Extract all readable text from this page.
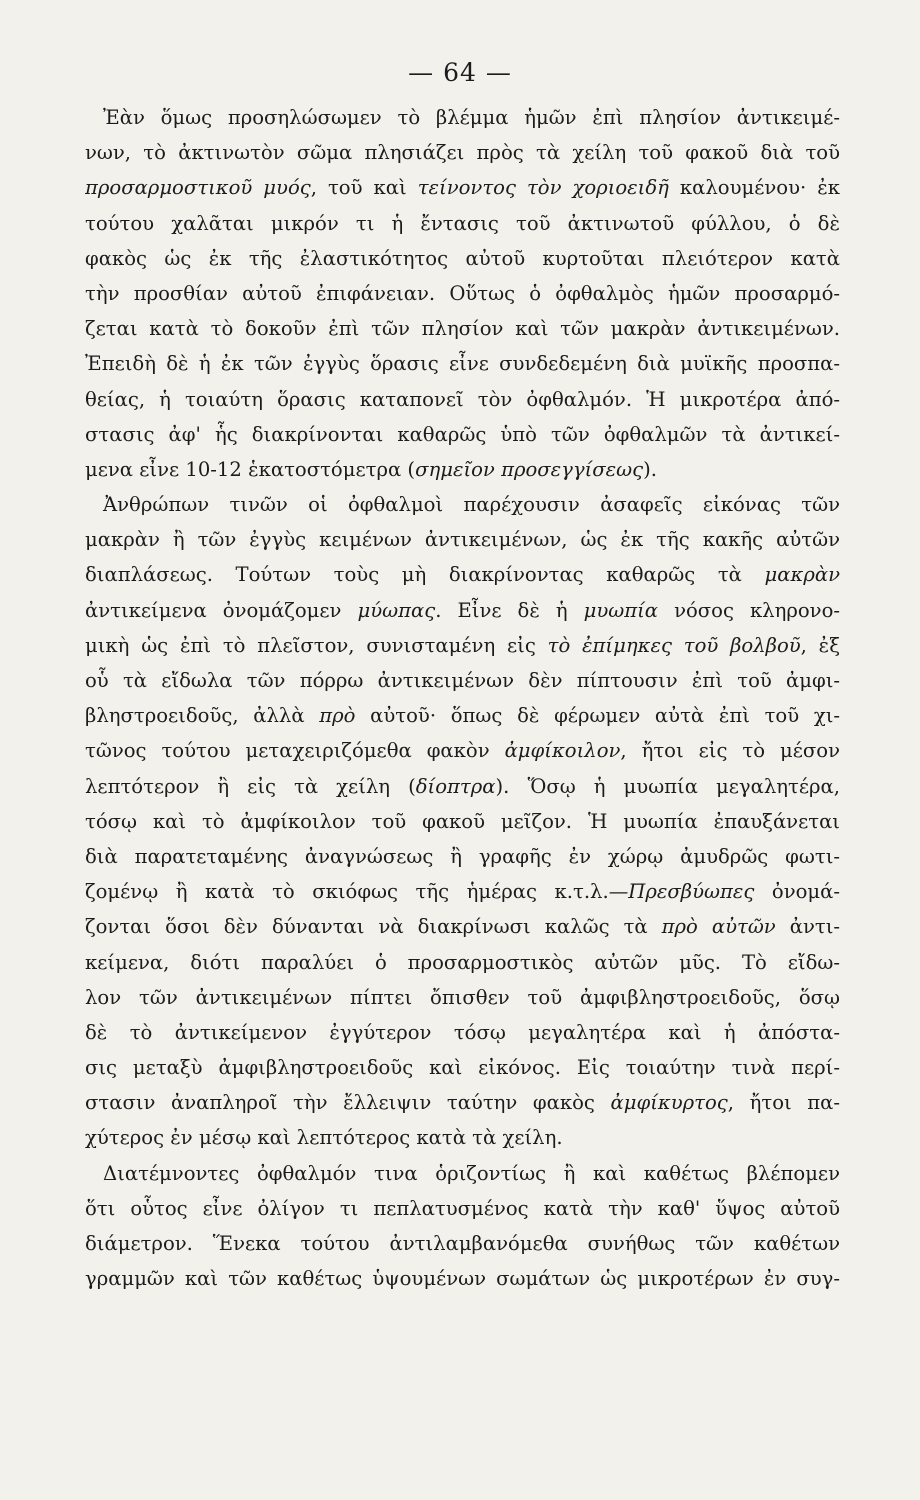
— 64 —
Ἐὰν ὅμως προσηλώσωμεν τὸ βλέμμα ἡμῶν ἐπὶ πλησίον ἀντικειμέ-
νων, τὸ ἀκτινωτὸν σῶμα πλησιάζει πρὸς τὰ χείλη τοῦ φακοῦ διὰ τοῦ
προσαρμοστικοῦ μυός, τοῦ καὶ τείνοντος τὸν χοριοειδῆ καλουμένου· ἐκ
τούτου χαλᾶται μικρόν τι ἡ ἔντασις τοῦ ἀκτινωτοῦ φύλλου, ὁ δὲ
φακὸς ὡς ἐκ τῆς ἐλαστικότητος αὐτοῦ κυρτοῦται πλειότερον κατὰ
τὴν προσθίαν αὐτοῦ ἐπιφάνειαν. Οὕτως ὁ ὀφθαλμὸς ἡμῶν προσαρμό-
ζεται κατὰ τὸ δοκοῦν ἐπὶ τῶν πλησίον καὶ τῶν μακρὰν ἀντικειμένων.
Ἐπειδὴ δὲ ἡ ἐκ τῶν ἐγγὺς ὅρασις εἶνε συνδεδεμένη διὰ μυϊκῆς προσπα-
θείας, ἡ τοιαύτη ὅρασις καταπονεῖ τὸν ὀφθαλμόν. Ἡ μικροτέρα ἀπό-
στασις ἀφ' ἧς διακρίνονται καθαρῶς ὑπὸ τῶν ὀφθαλμῶν τὰ ἀντικεί-
μενα εἶνε 10-12 ἑκατοστόμετρα (σημεῖον προσεγγίσεως).
Ἀνθρώπων τινῶν οἱ ὀφθαλμοὶ παρέχουσιν ἀσαφεῖς εἰκόνας τῶν
μακρὰν ἢ τῶν ἐγγὺς κειμένων ἀντικειμένων, ὡς ἐκ τῆς κακῆς αὐτῶν
διαπλάσεως. Τούτων τοὺς μὴ διακρίνοντας καθαρῶς τὰ μακρὰν
ἀντικείμενα ὀνομάζομεν μύωπας. Εἶνε δὲ ἡ μυωπία νόσος κληρονο-
μικὴ ὡς ἐπὶ τὸ πλεῖστον, συνισταμένη εἰς τὸ ἐπίμηκες τοῦ βολβοῦ, ἐξ
οὗ τὰ εἴδωλα τῶν πόρρω ἀντικειμένων δὲν πίπτουσιν ἐπὶ τοῦ ἀμφι-
βληστροειδοῦς, ἀλλὰ πρὸ αὐτοῦ· ὅπως δὲ φέρωμεν αὐτὰ ἐπὶ τοῦ χι-
τῶνος τούτου μεταχειριζόμεθα φακὸν ἀμφίκοιλον, ἤτοι εἰς τὸ μέσον
λεπτότερον ἢ εἰς τὰ χείλη (δίοπτρα). Ὅσῳ ἡ μυωπία μεγαλητέρα,
τόσῳ καὶ τὸ ἀμφίκοιλον τοῦ φακοῦ μεῖζον. Ἡ μυωπία ἐπαυξάνεται
διὰ παρατεταμένης ἀναγνώσεως ἢ γραφῆς ἐν χώρῳ ἀμυδρῶς φωτι-
ζομένῳ ἢ κατὰ τὸ σκιόφως τῆς ἡμέρας κ.τ.λ.—Πρεσβύωπες ὀνομά-
ζονται ὅσοι δὲν δύνανται νὰ διακρίνωσι καλῶς τὰ πρὸ αὐτῶν ἀντι-
κείμενα, διότι παραλύει ὁ προσαρμοστικὸς αὐτῶν μῦς. Τὸ εἴδω-
λον τῶν ἀντικειμένων πίπτει ὄπισθεν τοῦ ἀμφιβληστροειδοῦς, ὅσῳ
δὲ τὸ ἀντικείμενον ἐγγύτερον τόσῳ μεγαλητέρα καὶ ἡ ἀπόστα-
σις μεταξὺ ἀμφιβληστροειδοῦς καὶ εἰκόνος. Εἰς τοιαύτην τινὰ περί-
στασιν ἀναπληροῖ τὴν ἔλλειψιν ταύτην φακὸς ἀμφίκυρτος, ἤτοι πα-
χύτερος ἐν μέσῳ καὶ λεπτότερος κατὰ τὰ χείλη.
Διατέμνοντες ὀφθαλμόν τινα ὁριζοντίως ἢ καὶ καθέτως βλέπομεν
ὅτι οὗτος εἶνε ὀλίγον τι πεπλατυσμένος κατὰ τὴν καθ' ὕψος αὐτοῦ
διάμετρον. Ἕνεκα τούτου ἀντιλαμβανόμεθα συνήθως τῶν καθέτων
γραμμῶν καὶ τῶν καθέτως ὑψουμένων σωμάτων ὡς μικροτέρων ἐν συγ-
